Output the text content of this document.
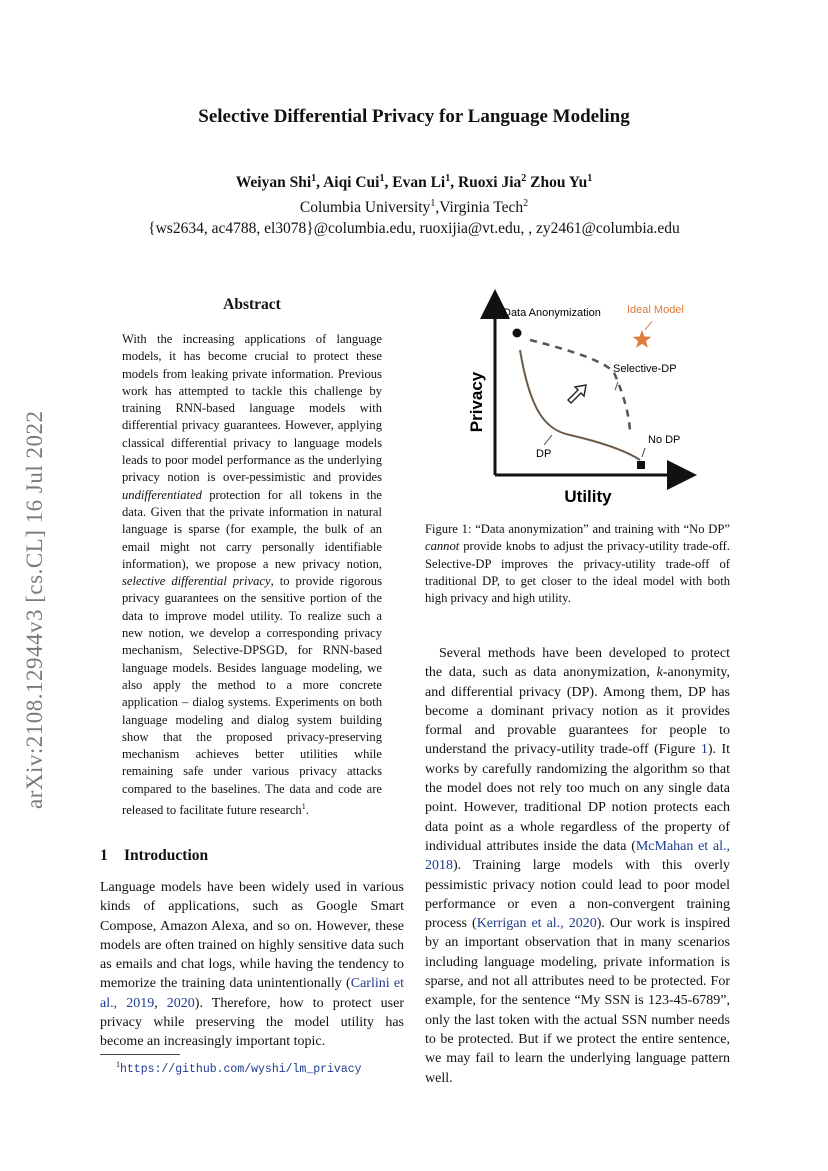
arXiv:2108.12944v3 [cs.CL] 16 Jul 2022
Selective Differential Privacy for Language Modeling
Weiyan Shi$^1$, Aiqi Cui$^1$, Evan Li$^1$, Ruoxi Jia$^2$ Zhou Yu$^1$
Columbia University$^1$,Virginia Tech$^2$
{ws2634, ac4788, el3078}@columbia.edu, ruoxijia@vt.edu, , zy2461@columbia.edu
Abstract
With the increasing applications of language models, it has become crucial to protect these models from leaking private information. Previous work has attempted to tackle this challenge by training RNN-based language models with differential privacy guarantees. However, applying classical differential privacy to language models leads to poor model performance as the underlying privacy notion is over-pessimistic and provides undifferentiated protection for all tokens in the data. Given that the private information in natural language is sparse (for example, the bulk of an email might not carry personally identifiable information), we propose a new privacy notion, selective differential privacy, to provide rigorous privacy guarantees on the sensitive portion of the data to improve model utility. To realize such a new notion, we develop a corresponding privacy mechanism, Selective-DPSGD, for RNN-based language models. Besides language modeling, we also apply the method to a more concrete application – dialog systems. Experiments on both language modeling and dialog system building show that the proposed privacy-preserving mechanism achieves better utilities while remaining safe under various privacy attacks compared to the baselines. The data and code are released to facilitate future research$^1$.
1 Introduction
Language models have been widely used in various kinds of applications, such as Google Smart Compose, Amazon Alexa, and so on. However, these models are often trained on highly sensitive data such as emails and chat logs, while having the tendency to memorize the training data unintentionally (Carlini et al., 2019, 2020). Therefore, how to protect user privacy while preserving the model utility has become an increasingly important topic.
$^1$https://github.com/wyshi/lm_privacy
Privacy
Utility
Data Anonymization Ideal Model
Selective-DP
DP
No DP
Figure 1: “Data anonymization” and training with “No DP” cannot provide knobs to adjust the privacy-utility trade-off. Selective-DP improves the privacy-utility trade-off of traditional DP, to get closer to the ideal model with both high privacy and high utility.
Several methods have been developed to protect the data, such as data anonymization, k-anonymity, and differential privacy (DP). Among them, DP has become a dominant privacy notion as it provides formal and provable guarantees for people to understand the privacy-utility trade-off (Figure 1). It works by carefully randomizing the algorithm so that the model does not rely too much on any single data point. However, traditional DP notion protects each data point as a whole regardless of the property of individual attributes inside the data (McMahan et al., 2018). Training large models with this overly pessimistic privacy notion could lead to poor model performance or even a non-convergent training process (Kerrigan et al., 2020). Our work is inspired by an important observation that in many scenarios including language modeling, private information is sparse, and not all attributes need to be protected. For example, for the sentence “My SSN is 123-45-6789”, only the last token with the actual SSN number needs to be protected. But if we protect the entire sentence, we may fail to learn the underlying language pattern well.
